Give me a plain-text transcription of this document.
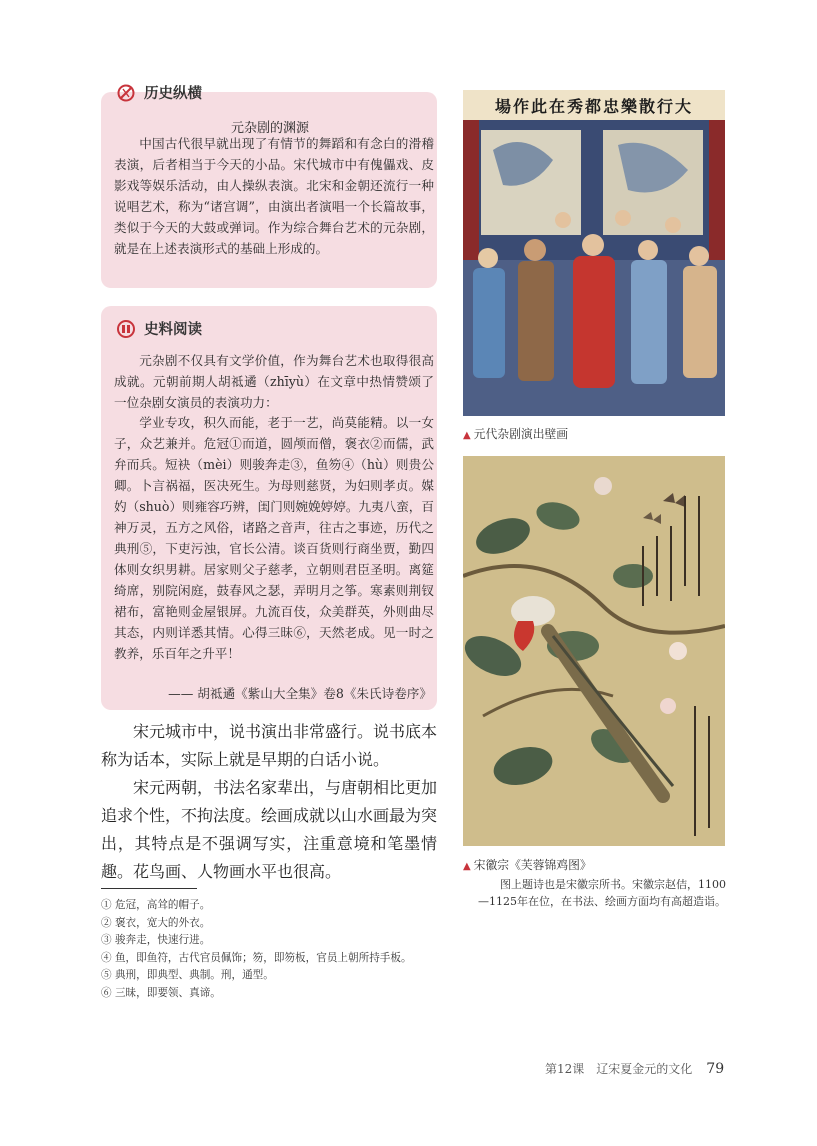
历史纵横
元杂剧的渊源

中国古代很早就出现了有情节的舞蹈和有念白的滑稽表演，后者相当于今天的小品。宋代城市中有傀儡戏、皮影戏等娱乐活动，由人操纵表演。北宋和金朝还流行一种说唱艺术，称为“诸宫调”，由演出者演唱一个长篇故事，类似于今天的大鼓或弹词。作为综合舞台艺术的元杂剧，就是在上述表演形式的基础上形成的。

史料阅读

元杂剧不仅具有文学价值，作为舞台艺术也取得很高成就。元朝前期人胡祗遹（zhīyù）在文章中热情赞颂了一位杂剧女演员的表演功力：

学业专攻，积久而能，老于一艺，尚莫能精。以一女子，众艺兼并。危冠①而道，圆颅而僧，褒衣②而儒，武弁而兵。短袂（mèi）则骏奔走③，鱼笏④（hù）则贵公卿。卜言祸福，医决死生。为母则慈贤，为妇则孝贞。媒妁（shuò）则雍容巧辨，闺门则婉娩婷婷。九夷八蛮，百神万灵，五方之风俗，诸路之音声，往古之事迹，历代之典刑⑤，下吏污浊，官长公清。谈百货则行商坐贾，勤四体则女织男耕。居家则父子慈孝，立朝则君臣圣明。离筵绮席，别院闲庭，鼓春风之瑟，弄明月之筝。寒素则荆钗裙布，富艳则金屋银屏。九流百伎，众美群英，外则曲尽其态，内则详悉其情。心得三昧⑥，天然老成。见一时之教养，乐百年之升平！

—— 胡祗遹《紫山大全集》卷8《朱氏诗卷序》

宋元城市中，说书演出非常盛行。说书底本称为话本，实际上就是早期的白话小说。

宋元两朝，书法名家辈出，与唐朝相比更加追求个性，不拘法度。绘画成就以山水画最为突出，其特点是不强调写实，注重意境和笔墨情趣。花鸟画、人物画水平也很高。

① 危冠，高耸的帽子。
② 褒衣，宽大的外衣。
③ 骏奔走，快速行进。
④ 鱼，即鱼符，古代官员佩饰；笏，即笏板，官员上朝所持手板。
⑤ 典刑，即典型、典制。刑，通型。
⑥ 三昧，即要领、真谛。
大行散樂忠都秀在此作場
▲ 元代杂剧演出壁画
▲ 宋徽宗《芙蓉锦鸡图》

图上题诗也是宋徽宗所书。宋徽宗赵佶，1100 —1125年在位，在书法、绘画方面均有高超造诣。

第12课　辽宋夏金元的文化 79
